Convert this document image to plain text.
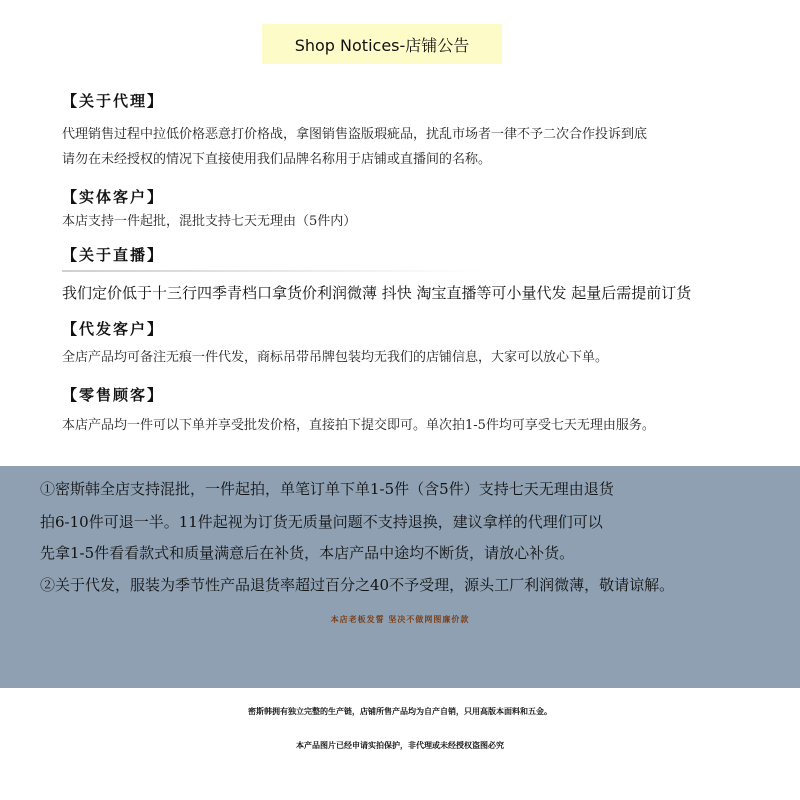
Shop Notices-店铺公告
【关于代理】
代理销售过程中拉低价格恶意打价格战，拿图销售盗版瑕疵品，扰乱市场者一律不予二次合作投诉到底
请勿在未经授权的情况下直接使用我们品牌名称用于店铺或直播间的名称。
【实体客户】
本店支持一件起批，混批支持七天无理由（5件内）
【关于直播】
我们定价低于十三行四季青档口拿货价利润微薄 抖快 淘宝直播等可小量代发 起量后需提前订货
【代发客户】
全店产品均可备注无痕一件代发，商标吊带吊牌包装均无我们的店铺信息，大家可以放心下单。
【零售顾客】
本店产品均一件可以下单并享受批发价格，直接拍下提交即可。单次拍1-5件均可享受七天无理由服务。
①密斯韩全店支持混批，一件起拍，单笔订单下单1-5件（含5件）支持七天无理由退货
拍6-10件可退一半。11件起视为订货无质量问题不支持退换，建议拿样的代理们可以
先拿1-5件看看款式和质量满意后在补货，本店产品中途均不断货，请放心补货。
②关于代发，服装为季节性产品退货率超过百分之40不予受理，源头工厂利润微薄，敬请谅解。
本店老板发誓 坚决不做网图廉价款
密斯韩拥有独立完整的生产链，店铺所售产品均为自产自销，只用高版本面料和五金。
本产品图片已经申请实拍保护，非代理或未经授权盗图必究
